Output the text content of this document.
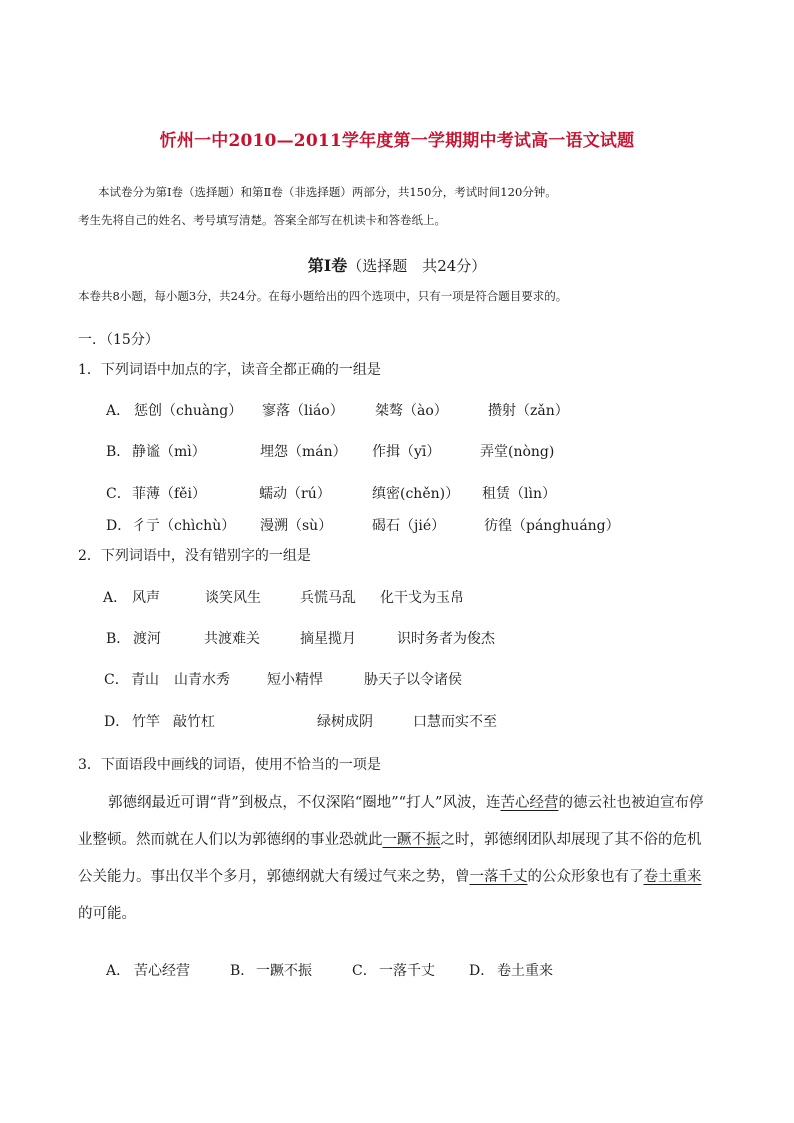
忻州一中2010—2011学年度第一学期期中考试高一语文试题
本试卷分为第Ⅰ卷（选择题）和第Ⅱ卷（非选择题）两部分，共150分，考试时间120分钟。
考生先将自己的姓名、考号填写清楚。答案全部写在机读卡和答卷纸上。
第Ⅰ卷（选择题　共24分）
本卷共8小题，每小题3分，共24分。在每小题给出的四个选项中，只有一项是符合题目要求的。
一．（15分）
1．下列词语中加点的字，读音全都正确的一组是
A． 惩创（chuàng） 寥落（liáo） 桀骜（ào）	攒射（zǎn）
B． 静谧（mì）	埋怨（mán） 作揖（yī）	弄堂(nòng)
C． 菲薄（fěi）	蠕动（rú）	缜密(chěn)） 租赁（lìn）
D． 彳亍（chìchù） 漫溯（sù）	碣石（jié）	彷徨（pánghuáng）
2．下列词语中，没有错别字的一组是
A． 风声	谈笑风生	兵慌马乱 化干戈为玉帛
B． 渡河	共渡难关	摘星揽月	识时务者为俊杰
C． 青山 山青水秀	短小精悍	胁天子以令诸侯
D． 竹竿 敲竹杠	绿树成阴	口慧而实不至
3．下面语段中画线的词语，使用不恰当的一项是
郭德纲最近可谓“背”到极点，不仅深陷“圈地”“打人”风波，连苦心经营的德云社也被迫宣布停业整顿。然而就在人们以为郭德纲的事业恐就此一蹶不振之时，郭德纲团队却展现了其不俗的危机公关能力。事出仅半个多月，郭德纲就大有缓过气来之势，曾一落千丈的公众形象也有了卷土重来的可能。
A． 苦心经营	B． 一蹶不振	C． 一落千丈 D． 卷土重来
